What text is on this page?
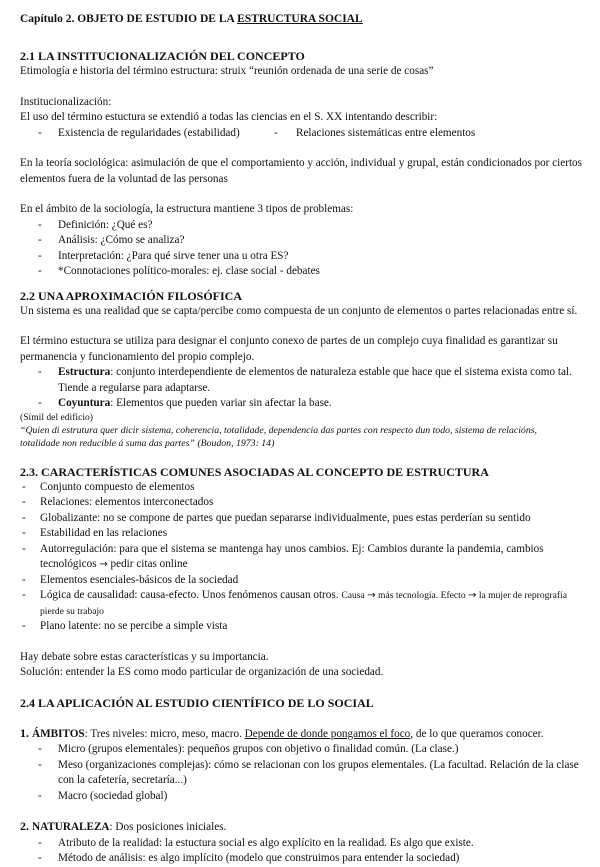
Capítulo 2. OBJETO DE ESTUDIO DE LA ESTRUCTURA SOCIAL
2.1 LA INSTITUCIONALIZACIÓN DEL CONCEPTO

Etimología e historia del término estructura: struix “reunión ordenada de una serie de cosas”

Institucionalización:

El uso del término estuctura se extendió a todas las ciencias en el S. XX intentando describir:

- Existencia de regularidades (estabilidad)
-	Relaciones sistemáticas entre elementos

En la teoría sociológica: asimulación de que el comportamiento y acción, individual y grupal, están condicionados por ciertos

elementos fuera de la voluntad de las personas

En el ámbito de la sociología, la estructura mantiene 3 tipos de problemas:

- Definición: ¿Qué es?
- Análisis: ¿Cómo se analiza?
- Interpretación: ¿Para qué sirve tener una u otra ES?
- *Connotaciones político-morales: ej. clase social - debates
2.2 UNA APROXIMACIÓN FILOSÓFICA

Un sistema es una realidad que se capta/percibe como compuesta de un conjunto de elementos o partes relacionadas entre sí.

El término estuctura se utiliza para designar el conjunto conexo de partes de un complejo cuya finalidad es garantizar su

permanencia y funcionamiento del propio complejo.

- Estructura: conjunto interdependiente de elementos de naturaleza estable que hace que el sistema exista como tal.
Tiende a regularse para adaptarse.
- Coyuntura: Elementos que pueden variar sin afectar la base.

(Símil del edificio)

“Quien di estrutura quer dicir sistema, coherencia, totalidade, dependencia das partes con respecto dun todo, sistema de relacións,

totalidade non reducible á suma das partes” (Boudon, 1973: 14)

2.3. CARACTERÍSTICAS COMUNES ASOCIADAS AL CONCEPTO DE ESTRUCTURA
- Conjunto compuesto de elementos
- Relaciones: elementos interconectados
- Globalizante: no se compone de partes que puedan separarse individualmente, pues estas perderían su sentido
- Estabilidad en las relaciones
- Autorregulación: para que el sistema se mantenga hay unos cambios. Ej: Cambios durante la pandemia, cambios
tecnológicos → pedir citas online
- Elementos esenciales-básicos de la sociedad
- Lógica de causalidad: causa-efecto. Unos fenómenos causan otros. Causa → más tecnología. Efecto → la mujer de reprografía
pierde su trabajo
- Plano latente: no se percibe a simple vista

Hay debate sobre estas características y su importancia.

Solución: entender la ES como modo particular de organización de una sociedad.

2.4 LA APLICACIÓN AL ESTUDIO CIENTÍFICO DE LO SOCIAL

1. ÁMBITOS: Tres niveles: micro, meso, macro. Depende de donde pongamos el foco, de lo que queramos conocer.

- Micro (grupos elementales): pequeños grupos con objetivo o finalidad común. (La clase.)
- Meso (organizaciones complejas): cómo se relacionan con los grupos elementales. (La facultad. Relación de la clase
con la cafetería, secretaría...)
- Macro (sociedad global)

2. NATURALEZA: Dos posiciones iniciales.

- Atributo de la realidad: la estuctura social es algo explícito en la realidad. Es algo que existe.
- Método de análisis: es algo implícito (modelo que construimos para entender la sociedad)
